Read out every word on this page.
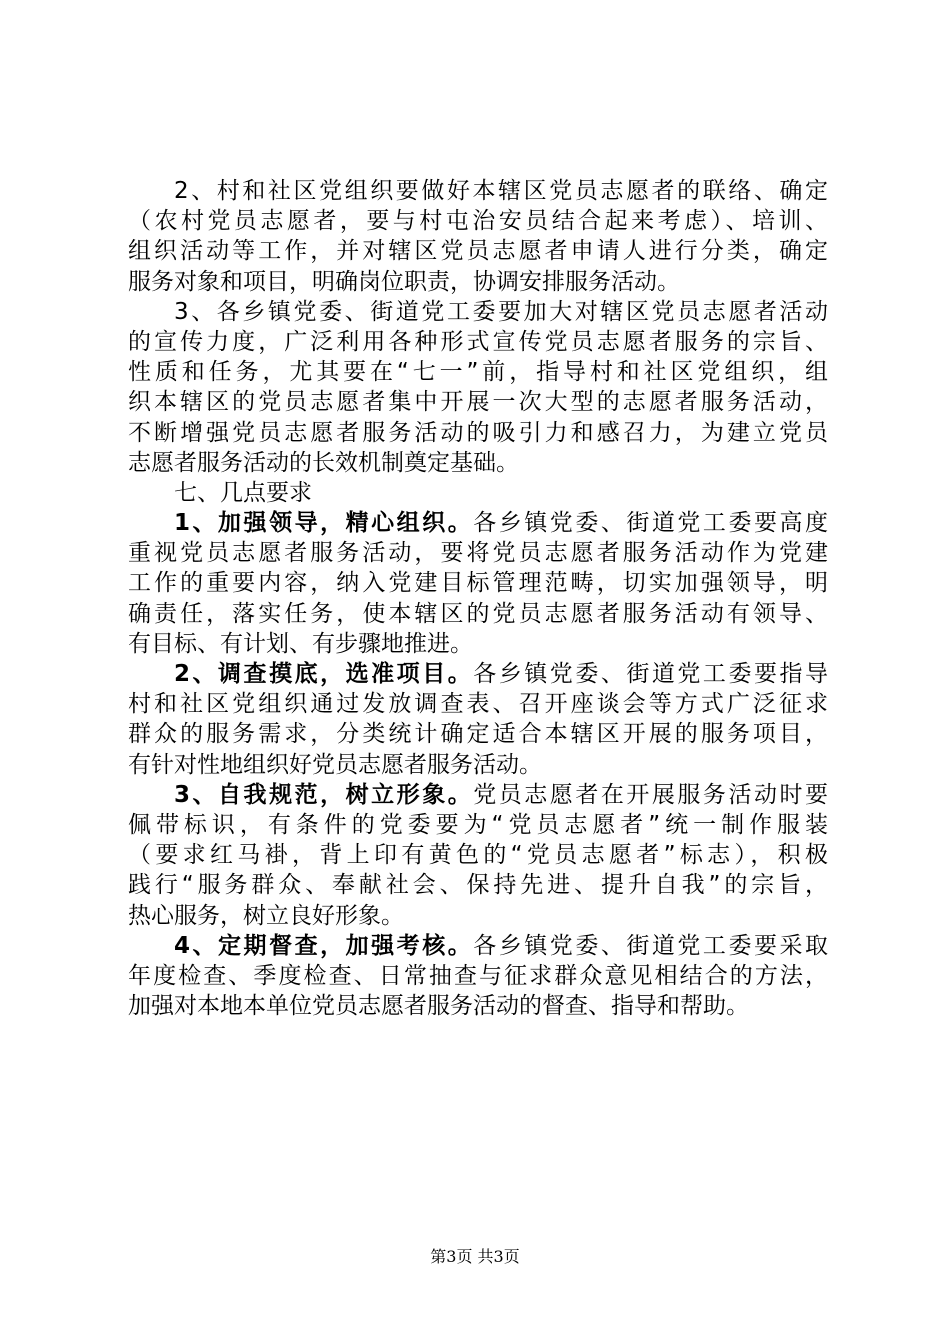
2、村和社区党组织要做好本辖区党员志愿者的联络、确定
（农村党员志愿者，要与村屯治安员结合起来考虑）、培训、
组织活动等工作，并对辖区党员志愿者申请人进行分类，确定
服务对象和项目，明确岗位职责，协调安排服务活动。
3、各乡镇党委、街道党工委要加大对辖区党员志愿者活动
的宣传力度，广泛利用各种形式宣传党员志愿者服务的宗旨、
性质和任务，尤其要在“七一”前，指导村和社区党组织，组
织本辖区的党员志愿者集中开展一次大型的志愿者服务活动，
不断增强党员志愿者服务活动的吸引力和感召力，为建立党员
志愿者服务活动的长效机制奠定基础。
七、几点要求
1、加强领导，精心组织。各乡镇党委、街道党工委要高度
重视党员志愿者服务活动，要将党员志愿者服务活动作为党建
工作的重要内容，纳入党建目标管理范畴，切实加强领导，明
确责任，落实任务，使本辖区的党员志愿者服务活动有领导、
有目标、有计划、有步骤地推进。
2、调查摸底，选准项目。各乡镇党委、街道党工委要指导
村和社区党组织通过发放调查表、召开座谈会等方式广泛征求
群众的服务需求，分类统计确定适合本辖区开展的服务项目，
有针对性地组织好党员志愿者服务活动。
3、自我规范，树立形象。党员志愿者在开展服务活动时要
佩带标识，有条件的党委要为“党员志愿者”统一制作服装
（要求红马褂，背上印有黄色的“党员志愿者”标志），积极
践行“服务群众、奉献社会、保持先进、提升自我”的宗旨，
热心服务，树立良好形象。
4、定期督查，加强考核。各乡镇党委、街道党工委要采取
年度检查、季度检查、日常抽查与征求群众意见相结合的方法，
加强对本地本单位党员志愿者服务活动的督查、指导和帮助。
第3页 共3页
